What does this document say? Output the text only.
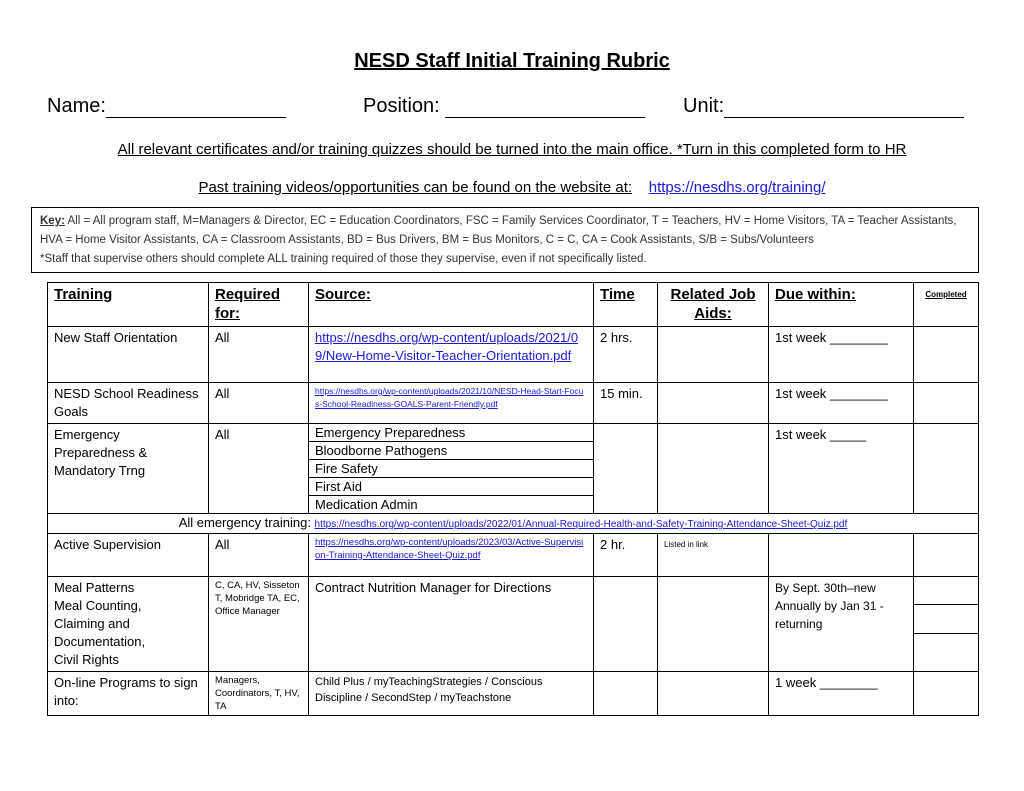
NESD Staff Initial Training Rubric
Name:	Position:	Unit:
All relevant certificates and/or training quizzes should be turned into the main office. *Turn in this completed form to HR
Past training videos/opportunities can be found on the website at: https://nesdhs.org/training/
Key: All = All program staff, M=Managers & Director, EC = Education Coordinators, FSC = Family Services Coordinator, T = Teachers, HV = Home Visitors, TA = Teacher Assistants, HVA = Home Visitor Assistants, CA = Classroom Assistants, BD = Bus Drivers, BM = Bus Monitors, C = C, CA = Cook Assistants, S/B = Subs/Volunteers
*Staff that supervise others should complete ALL training required of those they supervise, even if not specifically listed.
Training	Required for:	Source:	Time	Related Job Aids:	Due within:	Completed
New Staff Orientation	All	https://nesdhs.org/wp-content/uploads/2021/09/New-Home-Visitor-Teacher-Orientation.pdf	2 hrs.		1st week ________	
NESD School Readiness Goals	All	https://nesdhs.org/wp-content/uploads/2021/10/NESD-Head-Start-Focus-School-Readiness-GOALS-Parent-Friendly.pdf	15 min.		1st week ________	
Emergency Preparedness & Mandatory Trng	All	Emergency Preparedness			1st week _____	
		Bloodborne Pathogens				
		Fire Safety				
		First Aid				
		Medication Admin				
All emergency training: https://nesdhs.org/wp-content/uploads/2022/01/Annual-Required-Health-and-Safety-Training-Attendance-Sheet-Quiz.pdf						
Active Supervision	All	https://nesdhs.org/wp-content/uploads/2023/03/Active-Supervision-Training-Attendance-Sheet-Quiz.pdf	2 hr.	Listed in link		
Meal Patterns
Meal Counting,
Claiming and
Documentation,
Civil Rights	C, CA, HV, Sisseton T, Mobridge TA, EC, Office Manager	Contract Nutrition Manager for Directions			By Sept. 30th–new
Annually by Jan 31 - returning	

On-line Programs to sign into:	Managers, Coordinators, T, HV, TA	Child Plus / myTeachingStrategies / Conscious Discipline / SecondStep / myTeachstone			1 week ________	
